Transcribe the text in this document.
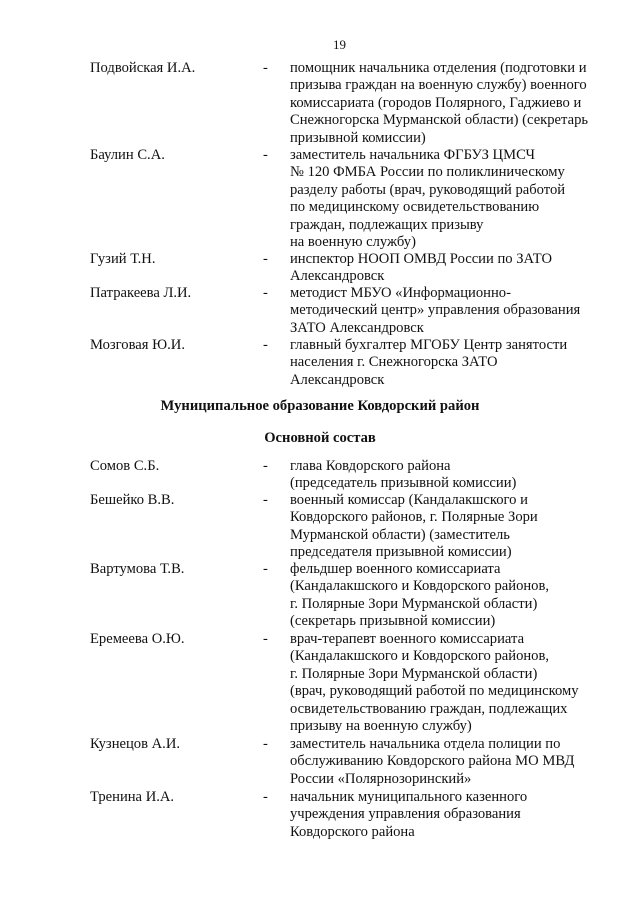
19
Подвойская И.А.	- помощник начальника отделения (подготовки и
призыва граждан на военную службу) военного
комиссариата (городов Полярного, Гаджиево и
Снежногорска Мурманской области) (секретарь
призывной комиссии)
Баулин С.А.	- заместитель начальника ФГБУЗ ЦМСЧ
№ 120 ФМБА России по поликлиническому
разделу работы (врач, руководящий работой
по медицинскому освидетельствованию
граждан, подлежащих призыву
на военную службу)
Гузий Т.Н.	- инспектор НООП ОМВД России по ЗАТО
Александровск
Патракеева Л.И.	- методист МБУО «Информационно-
методический центр» управления образования
ЗАТО Александровск
Мозговая Ю.И.	- главный бухгалтер МГОБУ Центр занятости
населения г. Снежногорска ЗАТО
Александровск
Муниципальное образование Ковдорский район
Основной состав
Сомов С.Б.	- глава Ковдорского района
(председатель призывной комиссии)
Бешейко В.В.	- военный комиссар (Кандалакшского и
Ковдорского районов, г. Полярные Зори
Мурманской области) (заместитель
председателя призывной комиссии)
Вартумова Т.В.	- фельдшер военного комиссариата
(Кандалакшского и Ковдорского районов,
г. Полярные Зори Мурманской области)
(секретарь призывной комиссии)
Еремеева О.Ю.	- врач-терапевт военного комиссариата
(Кандалакшского и Ковдорского районов,
г. Полярные Зори Мурманской области)
(врач, руководящий работой по медицинскому
освидетельствованию граждан, подлежащих
призыву на военную службу)
Кузнецов А.И.	- заместитель начальника отдела полиции по
обслуживанию Ковдорского района МО МВД
России «Полярнозоринский»
Тренина И.А.	- начальник муниципального казенного
учреждения управления образования
Ковдорского района
